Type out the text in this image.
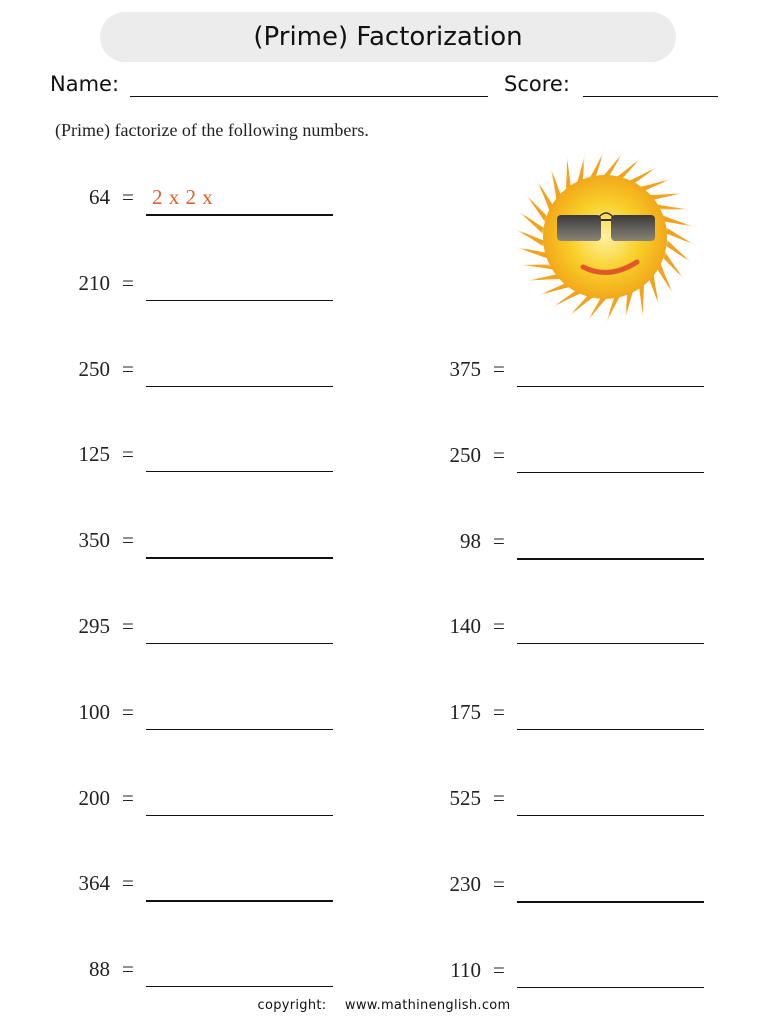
(Prime) Factorization
Name:	Score:
(Prime) factorize of the following numbers.
64 = 2 x 2 x
210 =
250 =
125 =
350 =
295 =
100 =
200 =
364 =
88 =
375 =
250 =
98 =
140 =
175 =
525 =
230 =
110 =
copyright: www.mathinenglish.com
